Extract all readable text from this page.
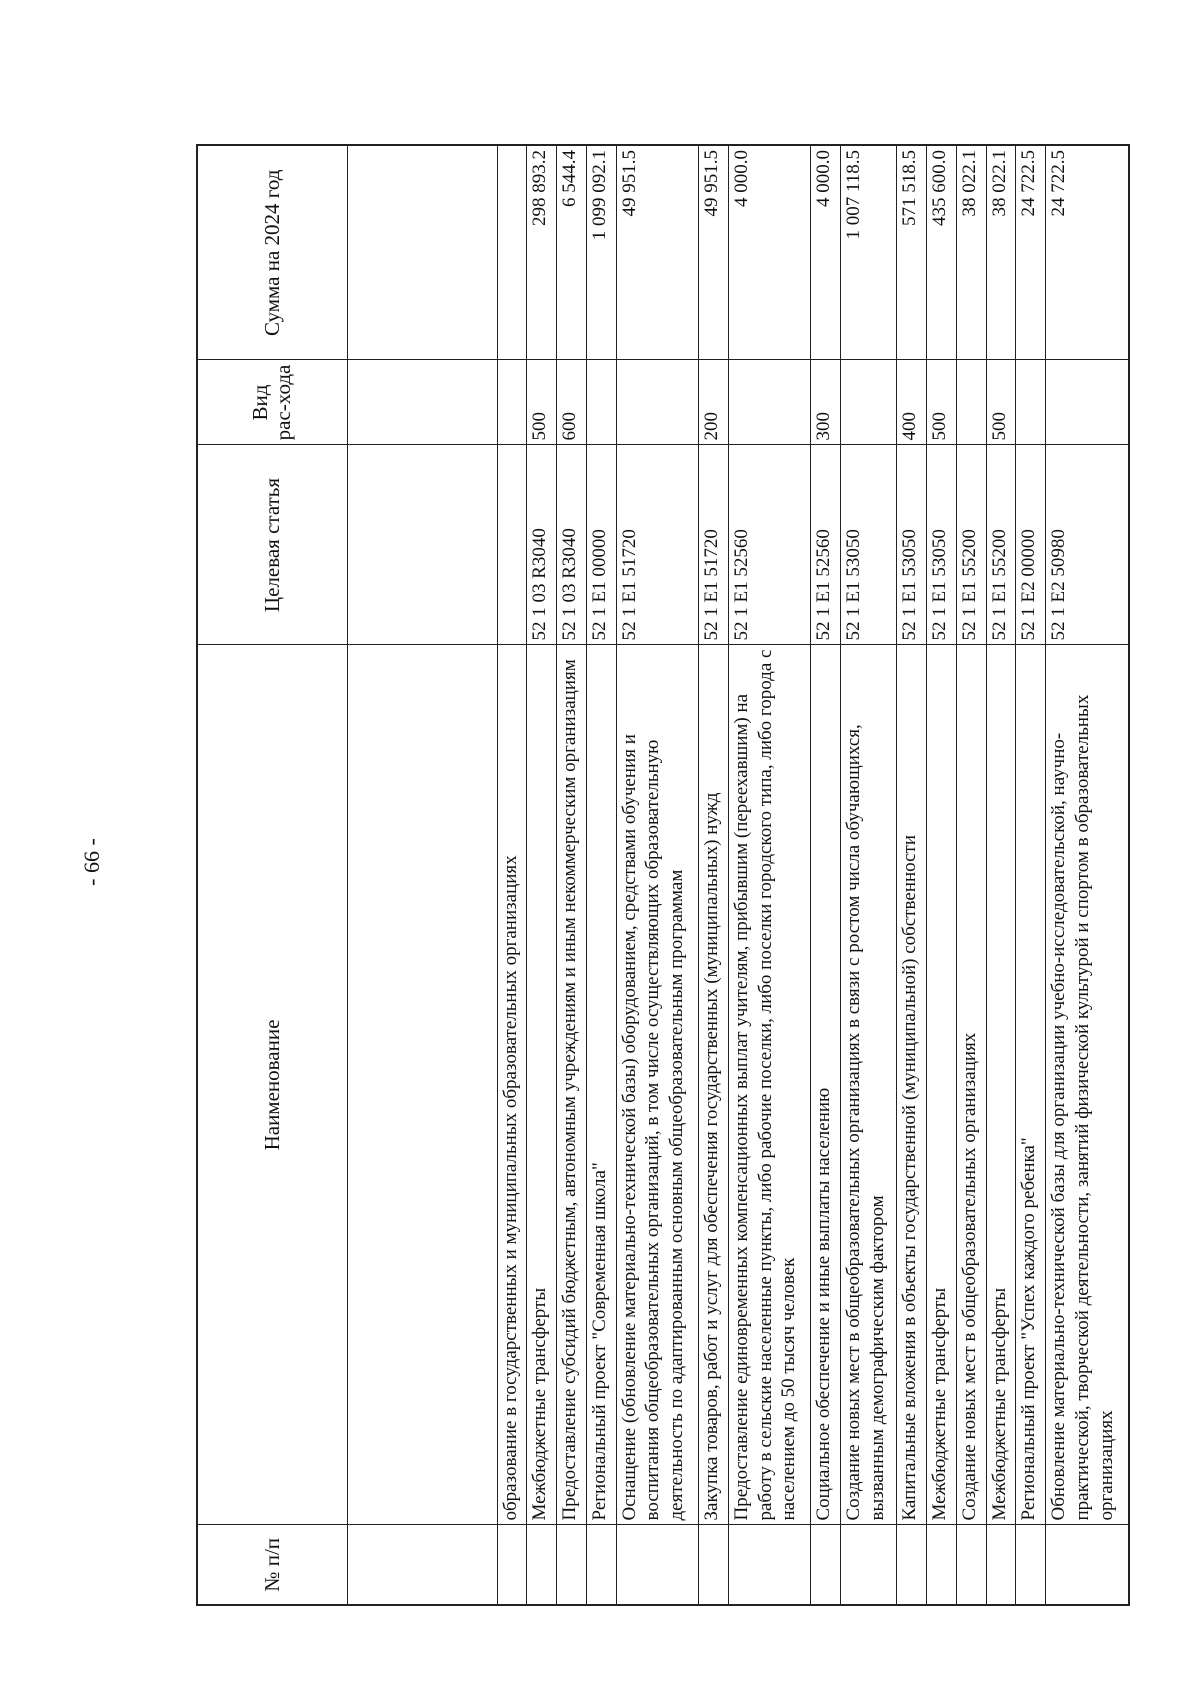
- 66 -
№ п/п	Наименование	Целевая статья	Вид рас-хода	Сумма на 2024 год

	образование в государственных и муниципальных образовательных организациях			
	Межбюджетные трансферты	52 1 03 R3040	500	298 893.2
	Предоставление субсидий бюджетным, автономным учреждениям и иным некоммерческим организациям	52 1 03 R3040	600	6 544.4
	Региональный проект "Современная школа"	52 1 E1 00000		1 099 092.1
	Оснащение (обновление материально-технической базы) оборудованием, средствами обучения и воспитания общеобразовательных организаций, в том числе осуществляющих образовательную деятельность по адаптированным основным общеобразовательным программам	52 1 E1 51720		49 951.5
	Закупка товаров, работ и услуг для обеспечения государственных (муниципальных) нужд	52 1 E1 51720	200	49 951.5
	Предоставление единовременных компенсационных выплат учителям, прибывшим (переехавшим) на работу в сельские населенные пункты, либо рабочие поселки, либо поселки городского типа, либо города с населением до 50 тысяч человек	52 1 E1 52560		4 000.0
	Социальное обеспечение и иные выплаты населению	52 1 E1 52560	300	4 000.0
	Создание новых мест в общеобразовательных организациях в связи с ростом числа обучающихся, вызванным демографическим фактором	52 1 E1 53050		1 007 118.5
	Капитальные вложения в объекты государственной (муниципальной) собственности	52 1 E1 53050	400	571 518.5
	Межбюджетные трансферты	52 1 E1 53050	500	435 600.0
	Создание новых мест в общеобразовательных организациях	52 1 E1 55200		38 022.1
	Межбюджетные трансферты	52 1 E1 55200	500	38 022.1
	Региональный проект "Успех каждого ребенка"	52 1 E2 00000		24 722.5
	Обновление материально-технической базы для организации учебно-исследовательской, научно-практической, творческой деятельности, занятий физической культурой и спортом в образовательных организациях	52 1 E2 50980		24 722.5
